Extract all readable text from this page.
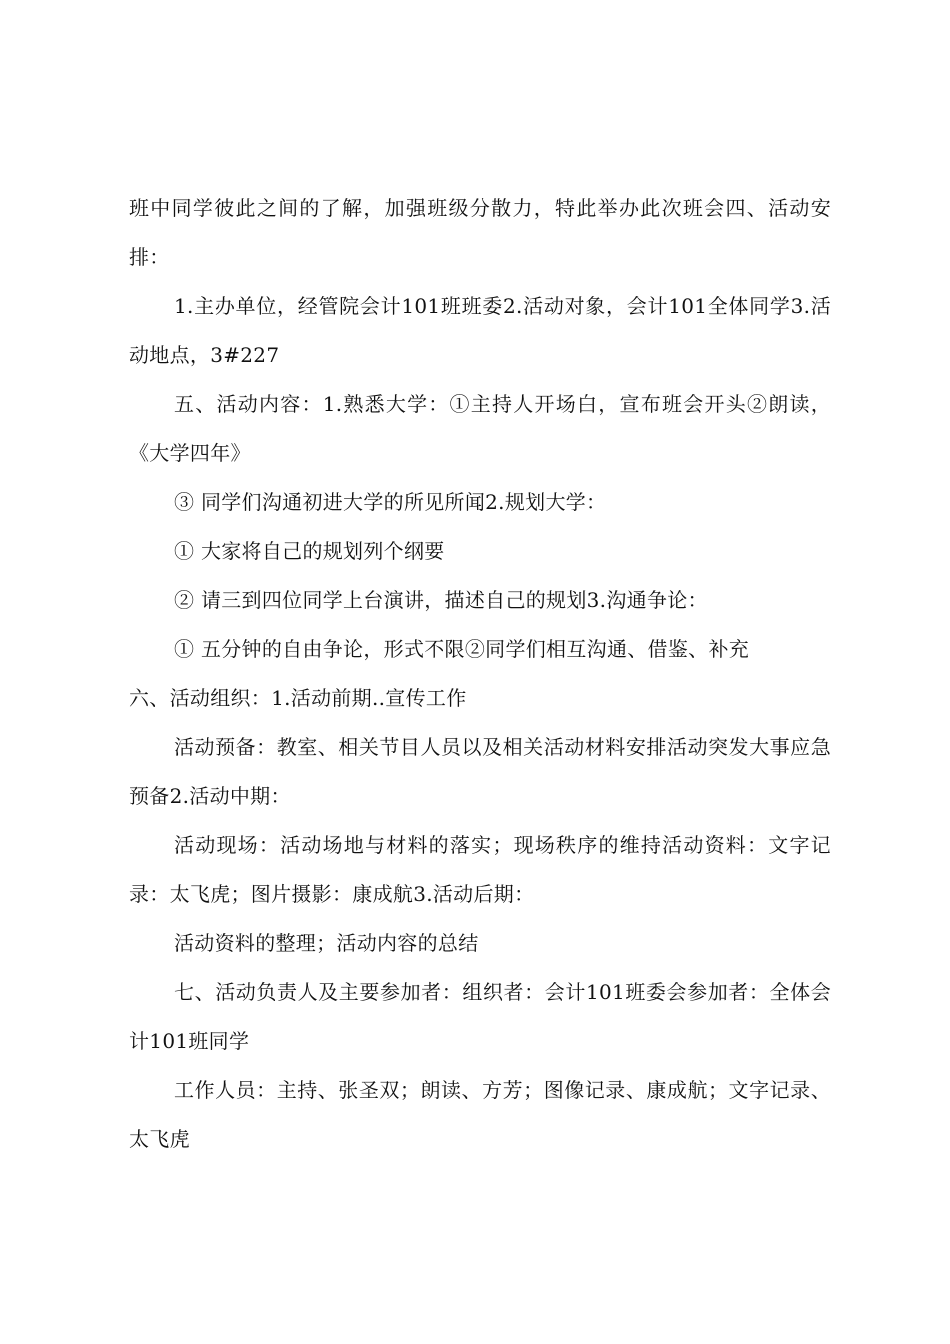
班中同学彼此之间的了解，加强班级分散力，特此举办此次班会四、活动安排：

1.主办单位，经管院会计101班班委2.活动对象，会计101全体同学3.活动地点，3#227

五、活动内容：1.熟悉大学：①主持人开场白，宣布班会开头②朗读，《大学四年》

③ 同学们沟通初进大学的所见所闻2.规划大学：

① 大家将自己的规划列个纲要

② 请三到四位同学上台演讲，描述自己的规划3.沟通争论：

① 五分钟的自由争论，形式不限②同学们相互沟通、借鉴、补充

六、活动组织：1.活动前期..宣传工作

活动预备：教室、相关节目人员以及相关活动材料安排活动突发大事应急预备2.活动中期：

活动现场：活动场地与材料的落实；现场秩序的维持活动资料：文字记录：太飞虎；图片摄影：康成航3.活动后期：

活动资料的整理；活动内容的总结

七、活动负责人及主要参加者：组织者：会计101班委会参加者：全体会计101班同学

工作人员：主持、张圣双；朗读、方芳；图像记录、康成航；文字记录、太飞虎
